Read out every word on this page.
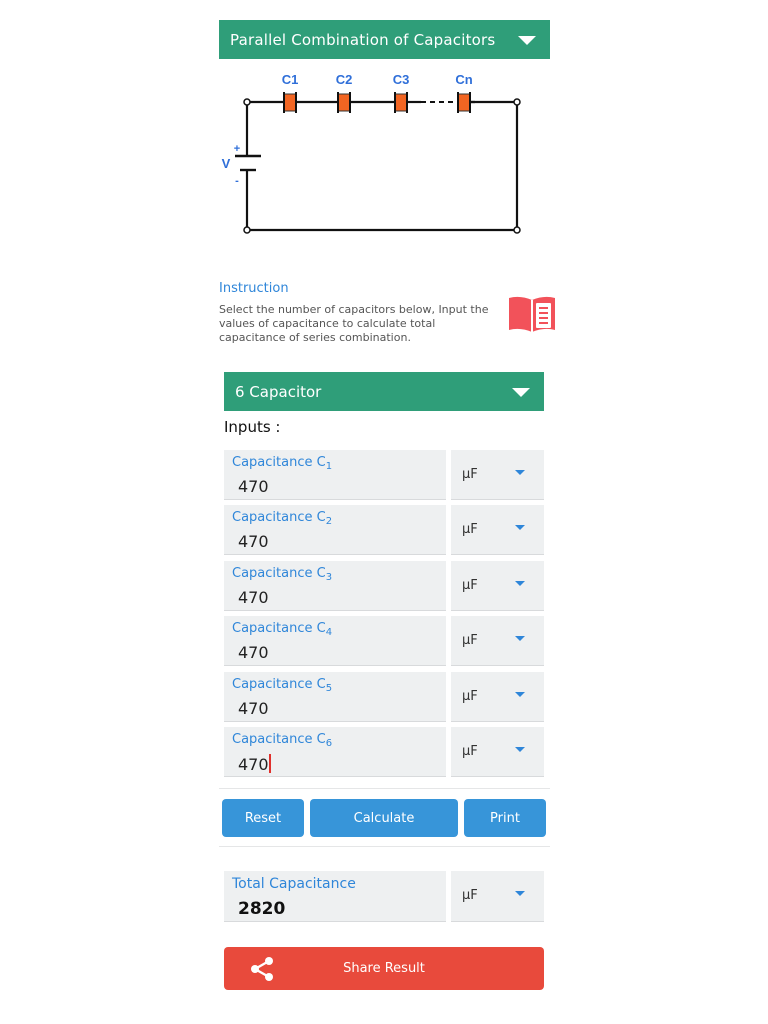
Parallel Combination of Capacitors
C1	C2	C3	Cn
V
+
-
Instruction
Select the number of capacitors below, Input the values of capacitance to calculate total capacitance of series combination.
6 Capacitor
Inputs :
Capacitance $C_1$
470
µF
Capacitance $C_2$
470
µF
Capacitance $C_3$
470
µF
Capacitance $C_4$
470
µF
Capacitance $C_5$
470
µF
Capacitance $C_6$
470
µF
Reset	Calculate	Print
Total Capacitance
2820
µF
Share Result
